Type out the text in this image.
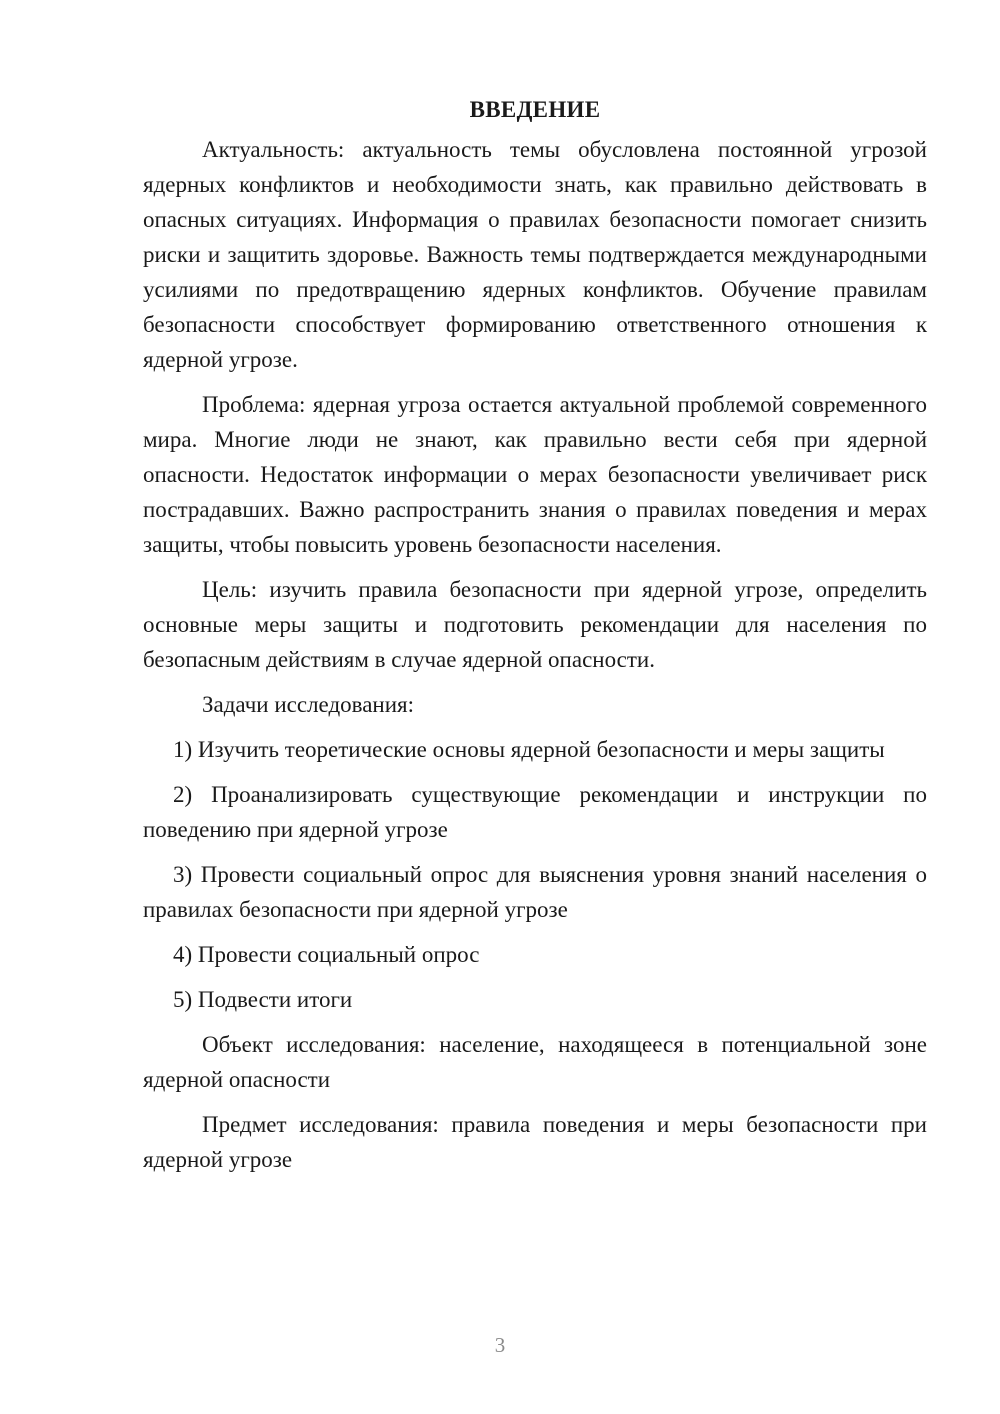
ВВЕДЕНИЕ

Актуальность: актуальность темы обусловлена постоянной угрозой ядерных конфликтов и необходимости знать, как правильно действовать в опасных ситуациях. Информация о правилах безопасности помогает снизить риски и защитить здоровье. Важность темы подтверждается международными усилиями по предотвращению ядерных конфликтов. Обучение правилам безопасности способствует формированию ответственного отношения к ядерной угрозе.

Проблема: ядерная угроза остается актуальной проблемой современного мира. Многие люди не знают, как правильно вести себя при ядерной опасности. Недостаток информации о мерах безопасности увеличивает риск пострадавших. Важно распространить знания о правилах поведения и мерах защиты, чтобы повысить уровень безопасности населения.

Цель: изучить правила безопасности при ядерной угрозе, определить основные меры защиты и подготовить рекомендации для населения по безопасным действиям в случае ядерной опасности.

Задачи исследования:

1) Изучить теоретические основы ядерной безопасности и меры защиты

2) Проанализировать существующие рекомендации и инструкции по поведению при ядерной угрозе

3) Провести социальный опрос для выяснения уровня знаний населения о правилах безопасности при ядерной угрозе

4) Провести социальный опрос

5) Подвести итоги

Объект исследования: население, находящееся в потенциальной зоне ядерной опасности

Предмет исследования: правила поведения и меры безопасности при ядерной угрозе

3
